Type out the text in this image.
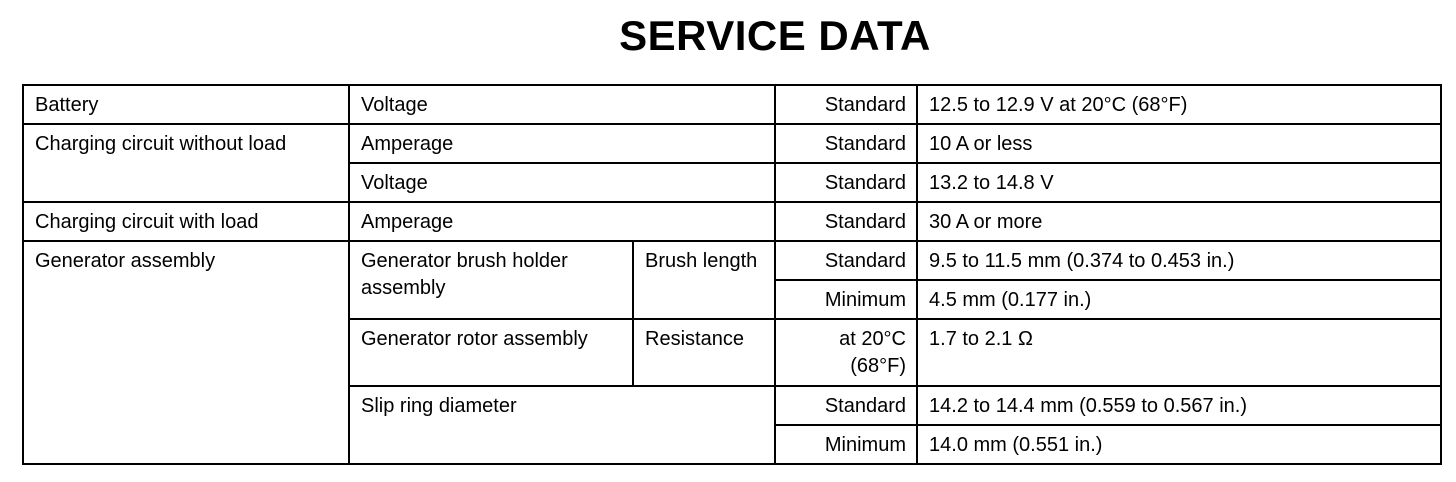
SERVICE DATA
Battery	Voltage		Standard	12.5 to 12.9 V at 20°C (68°F)
Charging circuit without load	Amperage		Standard	10 A or less
	Voltage		Standard	13.2 to 14.8 V
Charging circuit with load	Amperage		Standard	30 A or more
Generator assembly	Generator brush holder assembly	Brush length	Standard	9.5 to 11.5 mm (0.374 to 0.453 in.)
			Minimum	4.5 mm (0.177 in.)
	Generator rotor assembly	Resistance	at 20°C (68°F)	1.7 to 2.1 Ω
	Slip ring diameter		Standard	14.2 to 14.4 mm (0.559 to 0.567 in.)
			Minimum	14.0 mm (0.551 in.)
